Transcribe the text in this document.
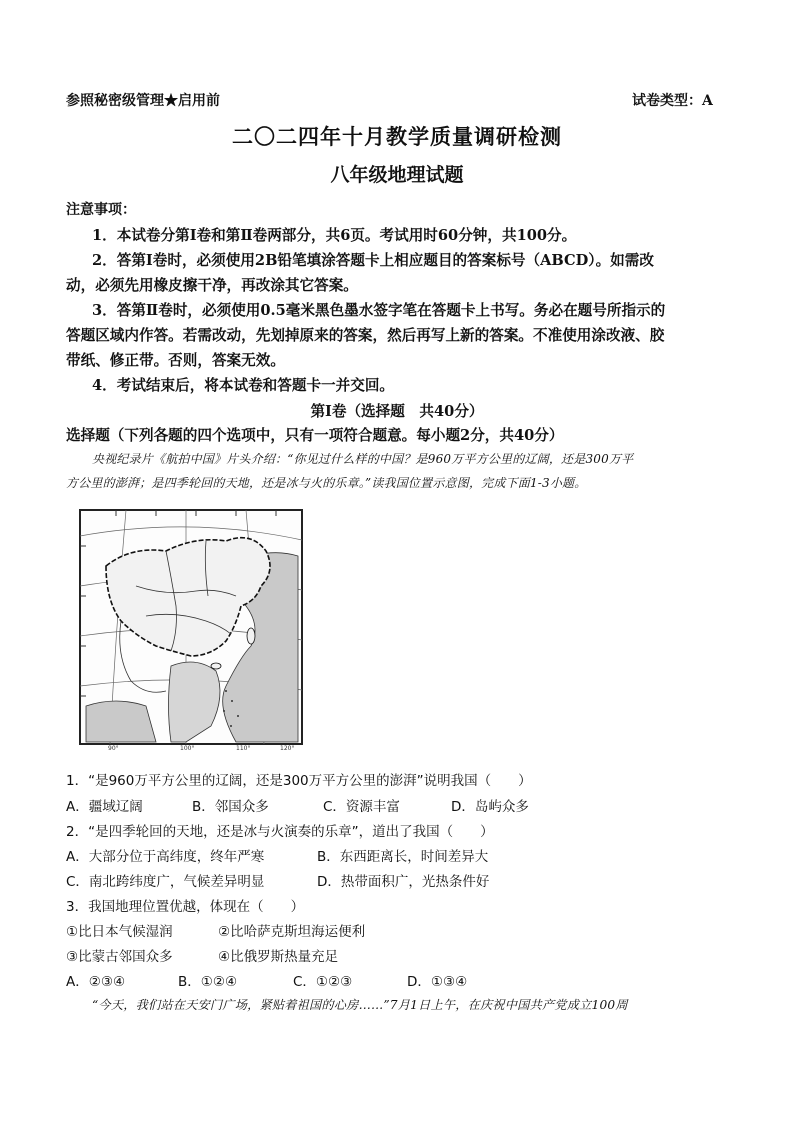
参照秘密级管理★启用前	试卷类型：A
二〇二四年十月教学质量调研检测
八年级地理试题
注意事项：
1．本试卷分第Ⅰ卷和第Ⅱ卷两部分，共6页。考试用时60分钟，共100分。
2．答第Ⅰ卷时，必须使用2B铅笔填涂答题卡上相应题目的答案标号（ABCD）。如需改
动，必须先用橡皮擦干净，再改涂其它答案。
3．答第Ⅱ卷时，必须使用0.5毫米黑色墨水签字笔在答题卡上书写。务必在题号所指示的
答题区域内作答。若需改动，先划掉原来的答案，然后再写上新的答案。不准使用涂改液、胶
带纸、修正带。否则，答案无效。
4．考试结束后，将本试卷和答题卡一并交回。
第Ⅰ卷（选择题　共40分）
选择题（下列各题的四个选项中，只有一项符合题意。每小题2分，共40分）
央视纪录片《航拍中国》片头介绍：“你见过什么样的中国？是960万平方公里的辽阔，还是300万平
方公里的澎湃；是四季轮回的天地，还是冰与火的乐章。”读我国位置示意图，完成下面1-3小题。
90°	100°	110°	120°
1．“是960万平方公里的辽阔，还是300万平方公里的澎湃”说明我国（　　）
A．疆域辽阔	B．邻国众多	C．资源丰富	D．岛屿众多
2．“是四季轮回的天地，还是冰与火演奏的乐章”，道出了我国（　　）
A．大部分位于高纬度，终年严寒	B．东西距离长，时间差异大
C．南北跨纬度广，气候差异明显	D．热带面积广，光热条件好
3．我国地理位置优越，体现在（　　）
①比日本气候湿润	②比哈萨克斯坦海运便利
③比蒙古邻国众多	④比俄罗斯热量充足
A．②③④	B．①②④	C．①②③	D．①③④
“今天，我们站在天安门广场，紧贴着祖国的心房……”7月1日上午，在庆祝中国共产党成立100周
